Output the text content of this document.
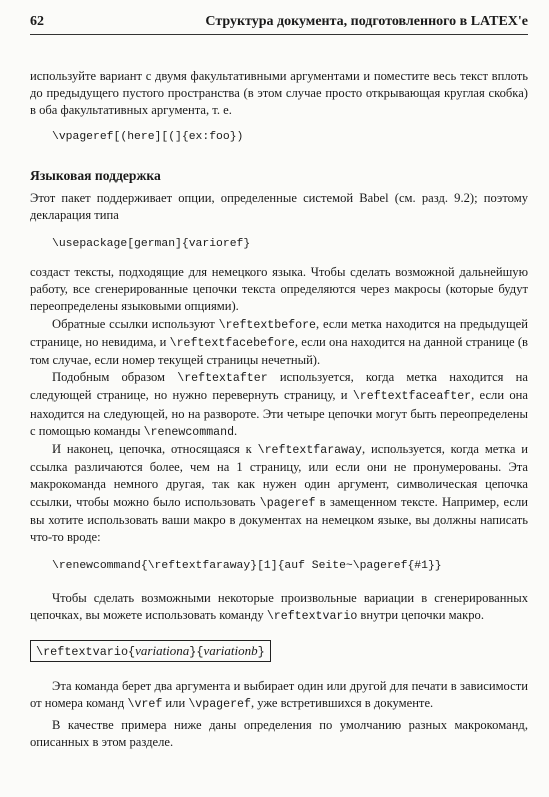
62	Структура документа, подготовленного в LATEX'е

используйте вариант с двумя факультативными аргументами и поместите весь текст вплоть до предыдущего пустого пространства (в этом случае просто открывающая круглая скобка) в оба факультативных аргумента, т. е.

\vpageref[(here][(]{ex:foo})

Языковая поддержка

Этот пакет поддерживает опции, определенные системой Babel (см. разд. 9.2); поэтому декларация типа

\usepackage[german]{varioref}

создаст тексты, подходящие для немецкого языка. Чтобы сделать возможной дальнейшую работу, все сгенерированные цепочки текста определяются через макросы (которые будут переопределены языковыми опциями).

Обратные ссылки используют \reftextbefore, если метка находится на предыдущей странице, но невидима, и \reftextfacebefore, если она находится на данной странице (в том случае, если номер текущей страницы нечетный).

Подобным образом \reftextafter используется, когда метка находится на следующей странице, но нужно перевернуть страницу, и \reftextfaceafter, если она находится на следующей, но на развороте. Эти четыре цепочки могут быть переопределены с помощью команды \renewcommand.

И наконец, цепочка, относящаяся к \reftextfaraway, используется, когда метка и ссылка различаются более, чем на 1 страницу, или если они не пронумерованы. Эта макрокоманда немного другая, так как нужен один аргумент, символическая цепочка ссылки, чтобы можно было использовать \pageref в замещенном тексте. Например, если вы хотите использовать ваши макро в документах на немецком языке, вы должны написать что-то вроде:

\renewcommand{\reftextfaraway}[1]{auf Seite~\pageref{#1}}

Чтобы сделать возможными некоторые произвольные вариации в сгенерированных цепочках, вы можете использовать команду \reftextvario внутри цепочки макро.

\reftextvario{variationa}{variationb}

Эта команда берет два аргумента и выбирает один или другой для печати в зависимости от номера команд \vref или \vpageref, уже встретившихся в документе.

В качестве примера ниже даны определения по умолчанию разных макрокоманд, описанных в этом разделе.
